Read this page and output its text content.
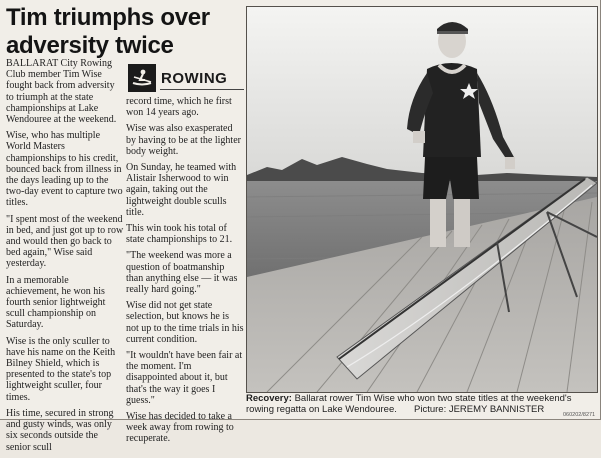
Tim triumphs over
adversity twice
ROWING

BALLARAT City Rowing Club member Tim Wise fought back from adversity to triumph at the state championships at Lake Wendouree at the weekend.

Wise, who has multiple World Masters championships to his credit, bounced back from illness in the days leading up to the two-day event to capture two titles.

"I spent most of the weekend in bed, and just got up to row and would then go back to bed again," Wise said yesterday.

In a memorable achievement, he won his fourth senior lightweight scull championship on Saturday.

Wise is the only sculler to have his name on the Keith Bilney Shield, which is presented to the state's top lightweight sculler, four times.

His time, secured in strong and gusty winds, was only six seconds outside the senior scull

record time, which he first won 14 years ago.

Wise was also exasperated by having to be at the lighter body weight.

On Sunday, he teamed with Alistair Isherwood to win again, taking out the lightweight double sculls title.

This win took his total of state championships to 21.

"The weekend was more a question of boatmanship than anything else — it was really hard going."

Wise did not get state selection, but knows he is not up to the time trials in his current condition.

"It wouldn't have been fair at the moment. I'm disappointed about it, but that's the way it goes I guess."

Wise has decided to take a week away from rowing to recuperate.

Recovery: Ballarat rower Tim Wise who won two state titles at the weekend's rowing regatta on Lake Wendouree. Picture: JEREMY BANNISTER	060202/8271
